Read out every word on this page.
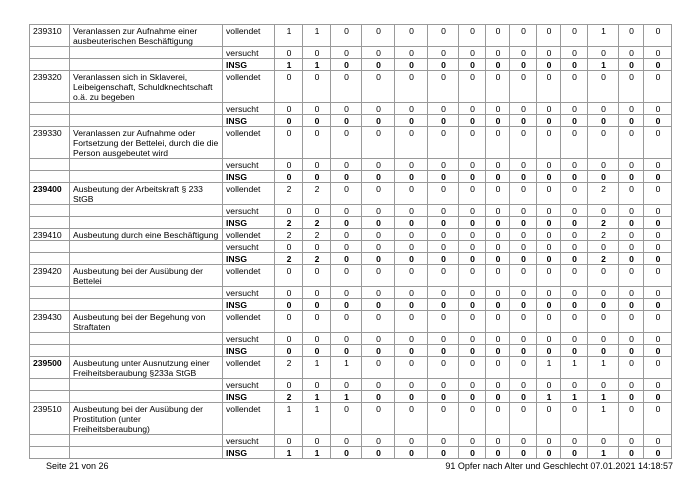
239310	Veranlassen zur Aufnahme einer ausbeuterischen Beschäftigung	vollendet	1	1	0	0	0	0	0	0	0	0	0	1	0	0	
		versucht	0	0	0	0	0	0	0	0	0	0	0	0	0	0	
		INSG	1	1	0	0	0	0	0	0	0	0	0	1	0	0	
239320	Veranlassen sich in Sklaverei, Leibeigenschaft, Schuldknechtschaft o.ä. zu begeben	vollendet	0	0	0	0	0	0	0	0	0	0	0	0	0	0	
		versucht	0	0	0	0	0	0	0	0	0	0	0	0	0	0	
		INSG	0	0	0	0	0	0	0	0	0	0	0	0	0	0	
239330	Veranlassen zur Aufnahme oder Fortsetzung der Bettelei, durch die die Person ausgebeutet wird	vollendet	0	0	0	0	0	0	0	0	0	0	0	0	0	0	
		versucht	0	0	0	0	0	0	0	0	0	0	0	0	0	0	
		INSG	0	0	0	0	0	0	0	0	0	0	0	0	0	0	
239400	Ausbeutung der Arbeitskraft § 233 StGB	vollendet	2	2	0	0	0	0	0	0	0	0	0	2	0	0	
		versucht	0	0	0	0	0	0	0	0	0	0	0	0	0	0	
		INSG	2	2	0	0	0	0	0	0	0	0	0	2	0	0	
239410	Ausbeutung durch eine Beschäftigung	vollendet	2	2	0	0	0	0	0	0	0	0	0	2	0	0	
		versucht	0	0	0	0	0	0	0	0	0	0	0	0	0	0	
		INSG	2	2	0	0	0	0	0	0	0	0	0	2	0	0	
239420	Ausbeutung bei der Ausübung der Bettelei	vollendet	0	0	0	0	0	0	0	0	0	0	0	0	0	0	
		versucht	0	0	0	0	0	0	0	0	0	0	0	0	0	0	
		INSG	0	0	0	0	0	0	0	0	0	0	0	0	0	0	
239430	Ausbeutung bei der Begehung von Straftaten	vollendet	0	0	0	0	0	0	0	0	0	0	0	0	0	0	
		versucht	0	0	0	0	0	0	0	0	0	0	0	0	0	0	
		INSG	0	0	0	0	0	0	0	0	0	0	0	0	0	0	
239500	Ausbeutung unter Ausnutzung einer Freiheitsberaubung §233a StGB	vollendet	2	1	1	0	0	0	0	0	0	1	1	1	0	0	
		versucht	0	0	0	0	0	0	0	0	0	0	0	0	0	0	
		INSG	2	1	1	0	0	0	0	0	0	1	1	1	0	0	
239510	Ausbeutung bei der Ausübung der Prostitution (unter Freiheitsberaubung)	vollendet	1	1	0	0	0	0	0	0	0	0	0	1	0	0	
		versucht	0	0	0	0	0	0	0	0	0	0	0	0	0	0	
		INSG	1	1	0	0	0	0	0	0	0	0	0	1	0	0	
Seite 21 von 26	91 Opfer nach Alter und Geschlecht 07.01.2021 14:18:57
